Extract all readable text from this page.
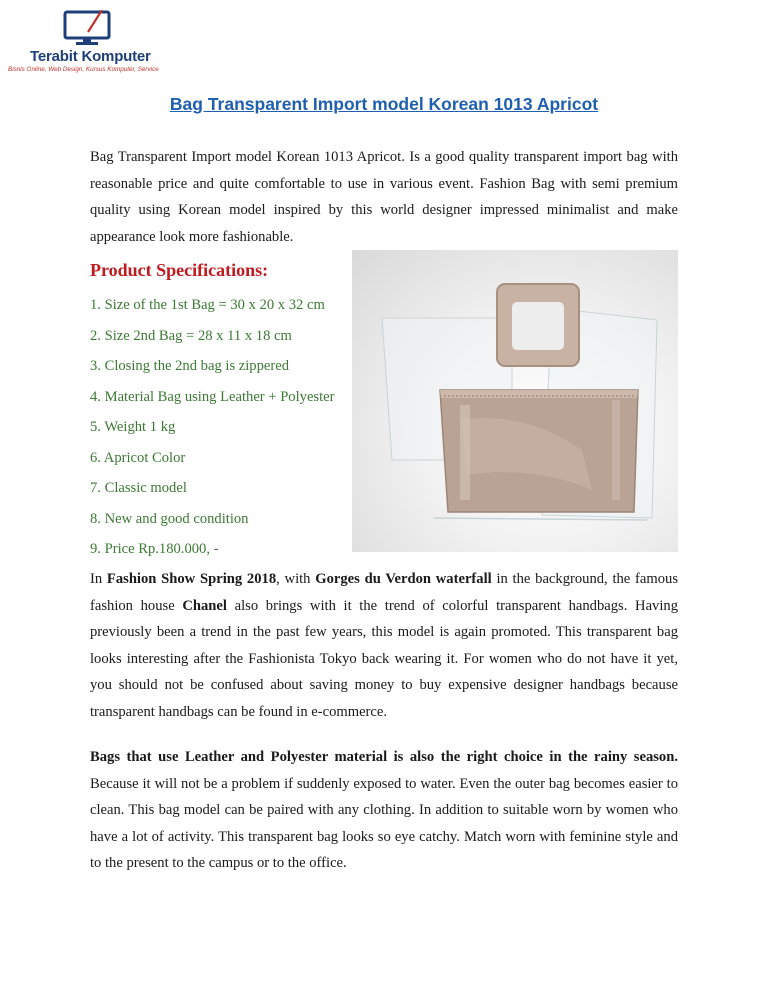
Terabit Komputer
Bisnis Online, Web Design, Kursus Komputer, Service
Bag Transparent Import model Korean 1013 Apricot

Bag Transparent Import model Korean 1013 Apricot. Is a good quality transparent import bag with reasonable price and quite comfortable to use in various event. Fashion Bag with semi premium quality using Korean model inspired by this world designer impressed minimalist and make appearance look more fashionable.

Product Specifications:
1. Size of the 1st Bag = 30 x 20 x 32 cm
2. Size 2nd Bag = 28 x 11 x 18 cm
3. Closing the 2nd bag is zippered
4. Material Bag using Leather + Polyester
5. Weight 1 kg
6. Apricot Color
7. Classic model
8. New and good condition
9. Price Rp.180.000, -

In Fashion Show Spring 2018, with Gorges du Verdon waterfall in the background, the famous fashion house Chanel also brings with it the trend of colorful transparent handbags. Having previously been a trend in the past few years, this model is again promoted. This transparent bag looks interesting after the Fashionista Tokyo back wearing it. For women who do not have it yet, you should not be confused about saving money to buy expensive designer handbags because transparent handbags can be found in e-commerce.

Bags that use Leather and Polyester material is also the right choice in the rainy season. Because it will not be a problem if suddenly exposed to water. Even the outer bag becomes easier to clean. This bag model can be paired with any clothing. In addition to suitable worn by women who have a lot of activity. This transparent bag looks so eye catchy. Match worn with feminine style and to the present to the campus or to the office.
